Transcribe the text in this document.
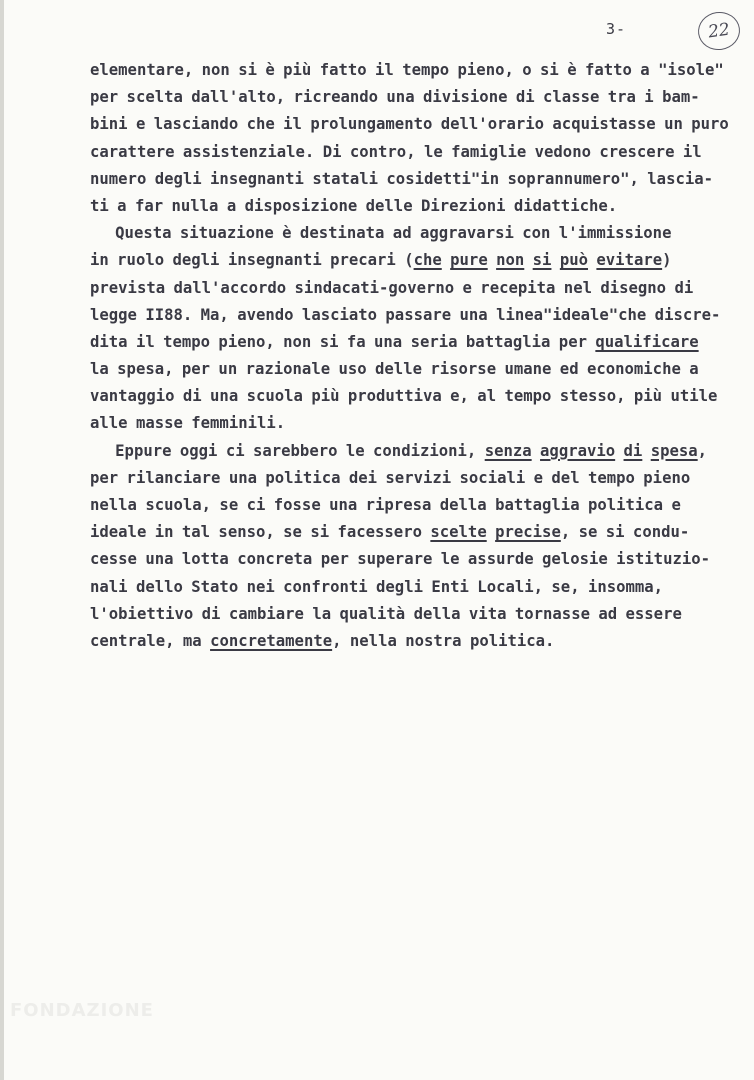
3-	22
elementare, non si è più fatto il tempo pieno, o si è fatto a "isole"
per scelta dall'alto, ricreando una divisione di classe tra i bam-
bini e lasciando che il prolungamento dell'orario acquistasse un puro
carattere assistenziale. Di contro, le famiglie vedono crescere il
numero degli insegnanti statali cosidetti"in soprannumero", lascia-
ti a far nulla a disposizione delle Direzioni didattiche.
Questa situazione è destinata ad aggravarsi con l'immissione
in ruolo degli insegnanti precari (che pure non si può evitare)
prevista dall'accordo sindacati-governo e recepita nel disegno di
legge II88. Ma, avendo lasciato passare una linea"ideale"che discre-
dita il tempo pieno, non si fa una seria battaglia per qualificare
la spesa, per un razionale uso delle risorse umane ed economiche a
vantaggio di una scuola più produttiva e, al tempo stesso, più utile
alle masse femminili.
Eppure oggi ci sarebbero le condizioni, senza aggravio di spesa,
per rilanciare una politica dei servizi sociali e del tempo pieno
nella scuola, se ci fosse una ripresa della battaglia politica e
ideale in tal senso, se si facessero scelte precise, se si condu-
cesse una lotta concreta per superare le assurde gelosie istituzio-
nali dello Stato nei confronti degli Enti Locali, se, insomma,
l'obiettivo di cambiare la qualità della vita tornasse ad essere
centrale, ma concretamente, nella nostra politica.
FONDAZIONE
